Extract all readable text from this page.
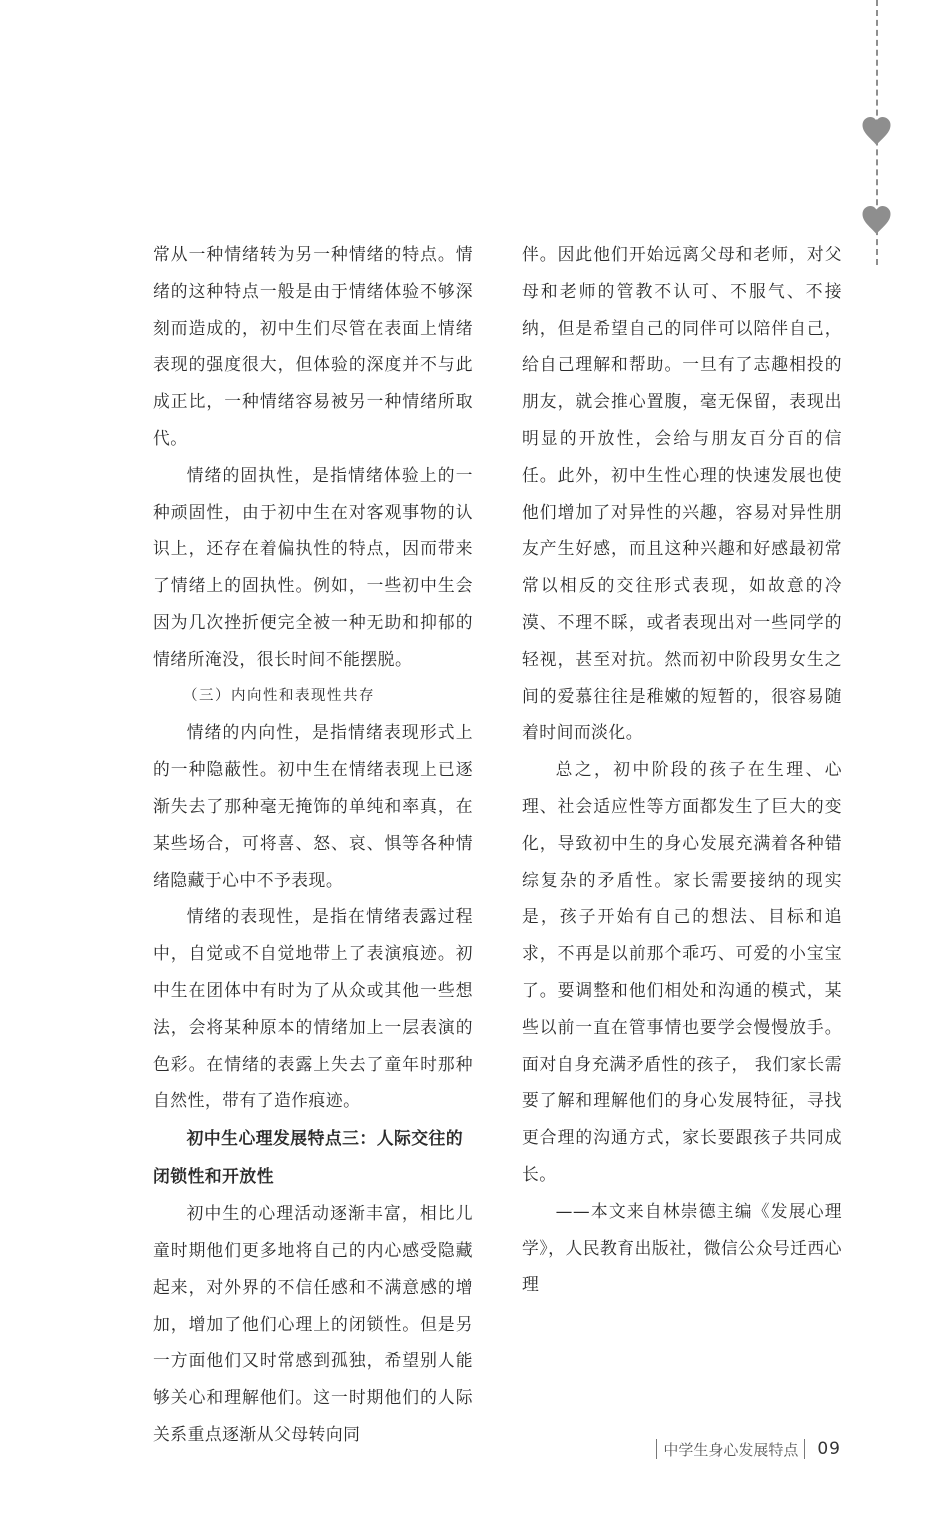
常从一种情绪转为另一种情绪的特点。情绪的这种特点一般是由于情绪体验不够深刻而造成的，初中生们尽管在表面上情绪表现的强度很大，但体验的深度并不与此成正比，一种情绪容易被另一种情绪所取代。

情绪的固执性，是指情绪体验上的一种顽固性，由于初中生在对客观事物的认识上，还存在着偏执性的特点，因而带来了情绪上的固执性。例如，一些初中生会因为几次挫折便完全被一种无助和抑郁的情绪所淹没，很长时间不能摆脱。

（三）内向性和表现性共存

情绪的内向性，是指情绪表现形式上的一种隐蔽性。初中生在情绪表现上已逐渐失去了那种毫无掩饰的单纯和率真，在某些场合，可将喜、怒、哀、惧等各种情绪隐藏于心中不予表现。

情绪的表现性，是指在情绪表露过程中，自觉或不自觉地带上了表演痕迹。初中生在团体中有时为了从众或其他一些想法，会将某种原本的情绪加上一层表演的色彩。在情绪的表露上失去了童年时那种自然性，带有了造作痕迹。

初中生心理发展特点三：人际交往的闭锁性和开放性

初中生的心理活动逐渐丰富，相比儿童时期他们更多地将自己的内心感受隐藏起来，对外界的不信任感和不满意感的增加，增加了他们心理上的闭锁性。但是另一方面他们又时常感到孤独，希望别人能够关心和理解他们。这一时期他们的人际关系重点逐渐从父母转向同

伴。因此他们开始远离父母和老师，对父母和老师的管教不认可、不服气、不接纳，但是希望自己的同伴可以陪伴自己，给自己理解和帮助。一旦有了志趣相投的朋友，就会推心置腹，毫无保留，表现出明显的开放性，会给与朋友百分百的信任。此外，初中生性心理的快速发展也使他们增加了对异性的兴趣，容易对异性朋友产生好感，而且这种兴趣和好感最初常常以相反的交往形式表现，如故意的冷漠、不理不睬，或者表现出对一些同学的轻视，甚至对抗。然而初中阶段男女生之间的爱慕往往是稚嫩的短暂的，很容易随着时间而淡化。

总之，初中阶段的孩子在生理、心理、社会适应性等方面都发生了巨大的变化，导致初中生的身心发展充满着各种错综复杂的矛盾性。家长需要接纳的现实是，孩子开始有自己的想法、目标和追求，不再是以前那个乖巧、可爱的小宝宝了。要调整和他们相处和沟通的模式，某些以前一直在管事情也要学会慢慢放手。面对自身充满矛盾性的孩子， 我们家长需要了解和理解他们的身心发展特征，寻找更合理的沟通方式，家长要跟孩子共同成长。

——本文来自林崇德主编《发展心理学》，人民教育出版社，微信公众号迁西心理

中学生身心发展特点 09
